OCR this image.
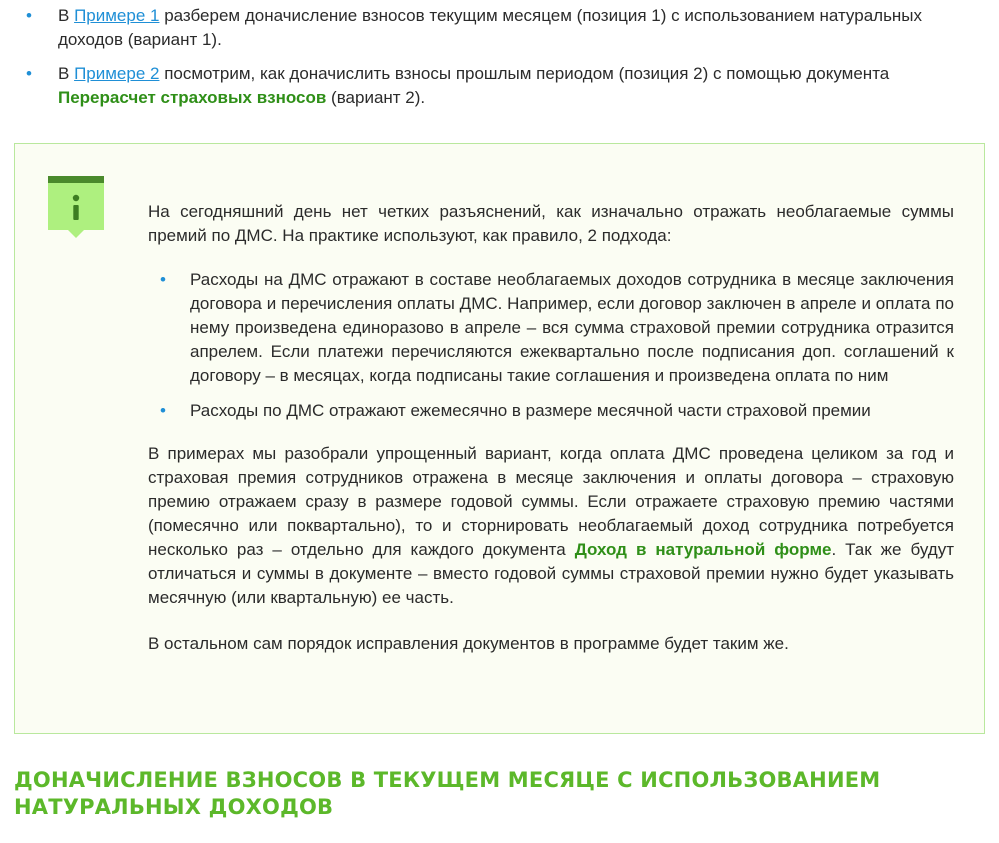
• В Примере 1 разберем доначисление взносов текущим месяцем (позиция 1) с использованием натуральных доходов (вариант 1).
• В Примере 2 посмотрим, как доначислить взносы прошлым периодом (позиция 2) с помощью документа Перерасчет страховых взносов (вариант 2).

На сегодняшний день нет четких разъяснений, как изначально отражать необлагаемые суммы премий по ДМС. На практике используют, как правило, 2 подхода:

• Расходы на ДМС отражают в составе необлагаемых доходов сотрудника в месяце заключения договора и перечисления оплаты ДМС. Например, если договор заключен в апреле и оплата по нему произведена единоразово в апреле – вся сумма страховой премии сотрудника отразится апрелем. Если платежи перечисляются ежеквартально после подписания доп. соглашений к договору – в месяцах, когда подписаны такие соглашения и произведена оплата по ним
• Расходы по ДМС отражают ежемесячно в размере месячной части страховой премии

В примерах мы разобрали упрощенный вариант, когда оплата ДМС проведена целиком за год и страховая премия сотрудников отражена в месяце заключения и оплаты договора – страховую премию отражаем сразу в размере годовой суммы. Если отражаете страховую премию частями (помесячно или поквартально), то и сторнировать необлагаемый доход сотрудника потребуется несколько раз – отдельно для каждого документа Доход в натуральной форме. Так же будут отличаться и суммы в документе – вместо годовой суммы страховой премии нужно будет указывать месячную (или квартальную) ее часть.

В остальном сам порядок исправления документов в программе будет таким же.

ДОНАЧИСЛЕНИЕ ВЗНОСОВ В ТЕКУЩЕМ МЕСЯЦЕ С ИСПОЛЬЗОВАНИЕМ НАТУРАЛЬНЫХ ДОХОДОВ
